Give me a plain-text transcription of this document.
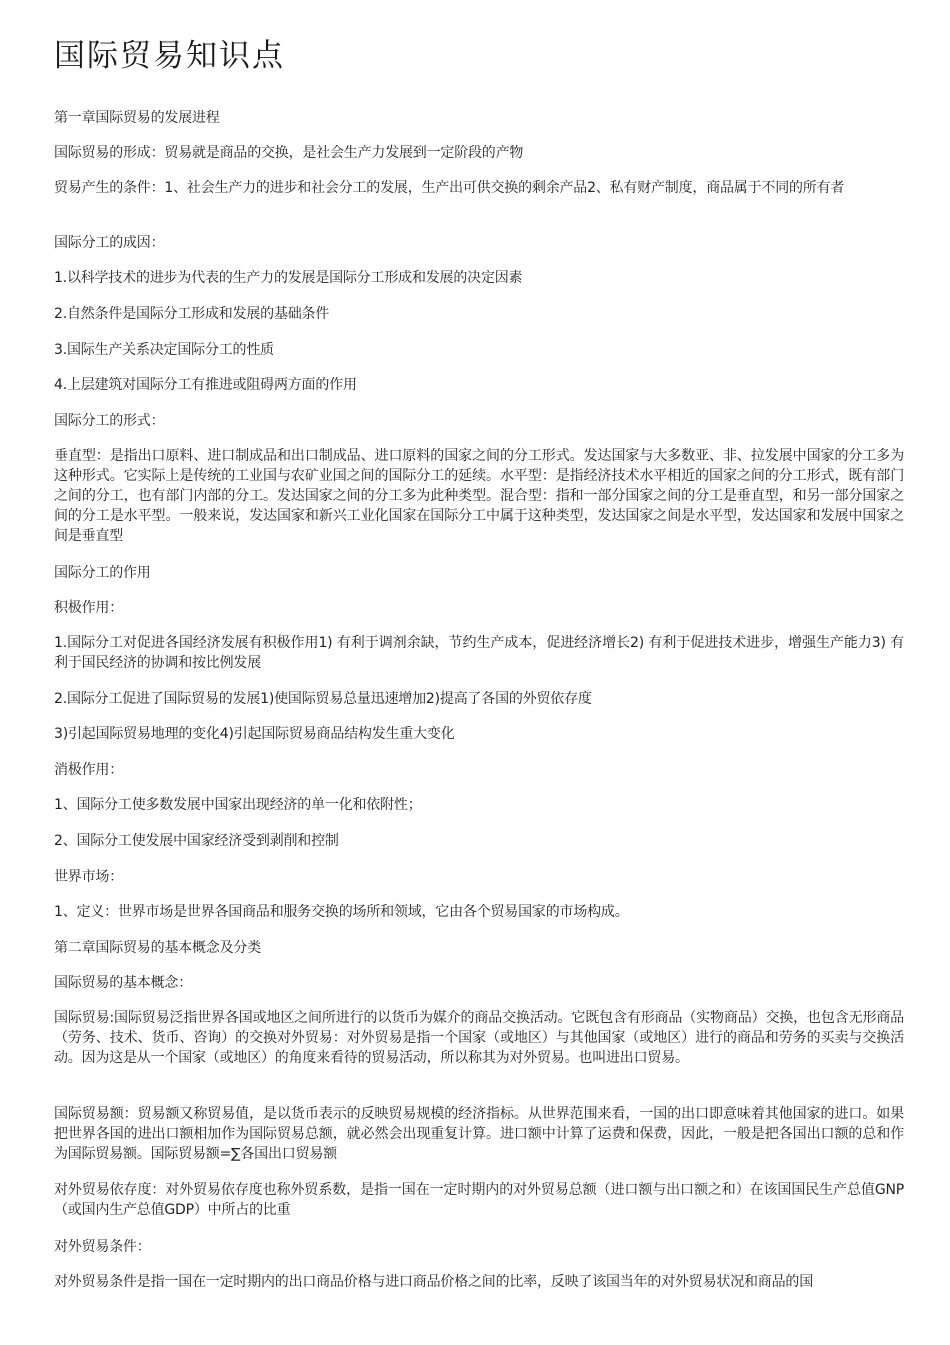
国际贸易知识点

第一章国际贸易的发展进程

国际贸易的形成：贸易就是商品的交换，是社会生产力发展到一定阶段的产物

贸易产生的条件：1、社会生产力的进步和社会分工的发展，生产出可供交换的剩余产品2、私有财产制度，商品属于不同的所有者

国际分工的成因：

1.以科学技术的进步为代表的生产力的发展是国际分工形成和发展的决定因素

2.自然条件是国际分工形成和发展的基础条件

3.国际生产关系决定国际分工的性质

4.上层建筑对国际分工有推进或阻碍两方面的作用

国际分工的形式：

垂直型：是指出口原料、进口制成品和出口制成品、进口原料的国家之间的分工形式。发达国家与大多数亚、非、拉发展中国家的分工多为这种形式。它实际上是传统的工业国与农矿业国之间的国际分工的延续。水平型：是指经济技术水平相近的国家之间的分工形式，既有部门之间的分工，也有部门内部的分工。发达国家之间的分工多为此种类型。混合型：指和一部分国家之间的分工是垂直型，和另一部分国家之间的分工是水平型。一般来说，发达国家和新兴工业化国家在国际分工中属于这种类型，发达国家之间是水平型，发达国家和发展中国家之间是垂直型

国际分工的作用

积极作用：

1.国际分工对促进各国经济发展有积极作用1) 有利于调剂余缺，节约生产成本，促进经济增长2) 有利于促进技术进步，增强生产能力3) 有利于国民经济的协调和按比例发展

2.国际分工促进了国际贸易的发展1)使国际贸易总量迅速增加2)提高了各国的外贸依存度

3)引起国际贸易地理的变化4)引起国际贸易商品结构发生重大变化

消极作用：

1、国际分工使多数发展中国家出现经济的单一化和依附性；

2、国际分工使发展中国家经济受到剥削和控制

世界市场：

1、定义：世界市场是世界各国商品和服务交换的场所和领域，它由各个贸易国家的市场构成。

第二章国际贸易的基本概念及分类

国际贸易的基本概念：

国际贸易:国际贸易泛指世界各国或地区之间所进行的以货币为媒介的商品交换活动。它既包含有形商品（实物商品）交换，也包含无形商品（劳务、技术、货币、咨询）的交换对外贸易：对外贸易是指一个国家（或地区）与其他国家（或地区）进行的商品和劳务的买卖与交换活动。因为这是从一个国家（或地区）的角度来看待的贸易活动，所以称其为对外贸易。也叫进出口贸易。

国际贸易额：贸易额又称贸易值，是以货币表示的反映贸易规模的经济指标。从世界范围来看，一国的出口即意味着其他国家的进口。如果把世界各国的进出口额相加作为国际贸易总额，就必然会出现重复计算。进口额中计算了运费和保费，因此，一般是把各国出口额的总和作为国际贸易额。国际贸易额=∑各国出口贸易额

对外贸易依存度：对外贸易依存度也称外贸系数，是指一国在一定时期内的对外贸易总额（进口额与出口额之和）在该国国民生产总值GNP（或国内生产总值GDP）中所占的比重

对外贸易条件：

对外贸易条件是指一国在一定时期内的出口商品价格与进口商品价格之间的比率，反映了该国当年的对外贸易状况和商品的国
